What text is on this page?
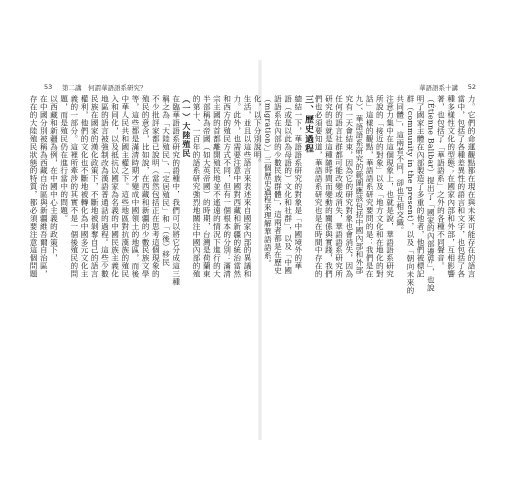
53 第二講　何謂華語語系研究？
生活，並且以這些語言來表述來自國家內部的異議和
力。此外，也需要注意中國對西藏和新疆的統治當然
和西方的殖民方式不同，但有一個根本的分別：滿清
宗主國的首都離開殖民地並不遙遠的情況下進行的大
半部稱為帝國（如大英帝國）的時期，台灣是荷蘭東
的第十、一百年的語系研究強烈地關注中國內部的殖
（一）大陸殖民
在臨華語語系研究的語種中，我們可以將它分成這三種
稱之為「大陸殖民」、「定居殖民」和「（後）移民
不少批評家都已說明（當然包括正在思考這個現象的
殖民的意含，比如說，在西藏和新疆的少數民族文學
等，這些都是滿清時期才變成中國領土的地區，而後
中華人民共和國主權之下。這些地區對抗漢族的殖民
入和同化，以及抵抗以國家為名義的中國民族主義化
地區的語言被強制改為漢語普通話的過程。這些少數
民族在國家的漢化政策下，不斷地被剝奪自己的語言
權利，他們的文化也不斷地被轉化為中國多元文化主
義的一部分。這裡所牽涉的其實不是一個後殖民的問
題，而是殖民仍在進行當中的問題。
以西藏和新疆為例，在中國中心主義的政策下，
在中國分別被稱為西藏自治區與新疆維吾爾自治區，
存在的大陸殖民狀態的特質，都必須要注意這個問題
華語語系十講 52
力。它們的命運觀點都在現在與未來可能存在的語言
當中，包括了各種差異性的語言和文字，也包括了各
種多樣性文化的型態；在國家內部和外部，互相影響
著，也包括了「華語語系」之外的各種不同聲音。
（Étienne Balibar）提出了「國家的內部邊界」，也說
明了國家主體在內部製造了多重的他者，他們被標記
群（community in the present），以及「朝向未來的
共同體」，這兩者不同，卻也互相交織。
注意力集中在這個現象上，也就是說，華語語系研究
所說的「接近的對象」以及「地方文化和在地化的對
話」這樣的觀點，華語語系研究要問的是：我們是在
九）、華語語系研究的範圍應該包括中國內部和外部
究有一天會結束，因為它的研究對象也會消失，因為
任何的語言社群都可能改變或消失，華語語系研究所
研究的也就是這種隨時間而變動的關係與實踐，我們
們也必須要知道，華語語系研究也是在時間中存在的
三、歷史過程
總結一下，華語語系研究的對象是「中國境外的華
語（或是以此為母語的）文化和社群」，以及「中國
語語系在內部的少數民族群體」，這兩者都是在歷史
（migration）」三個歷史過程來理解華語語系。
化，以下分別說明。
